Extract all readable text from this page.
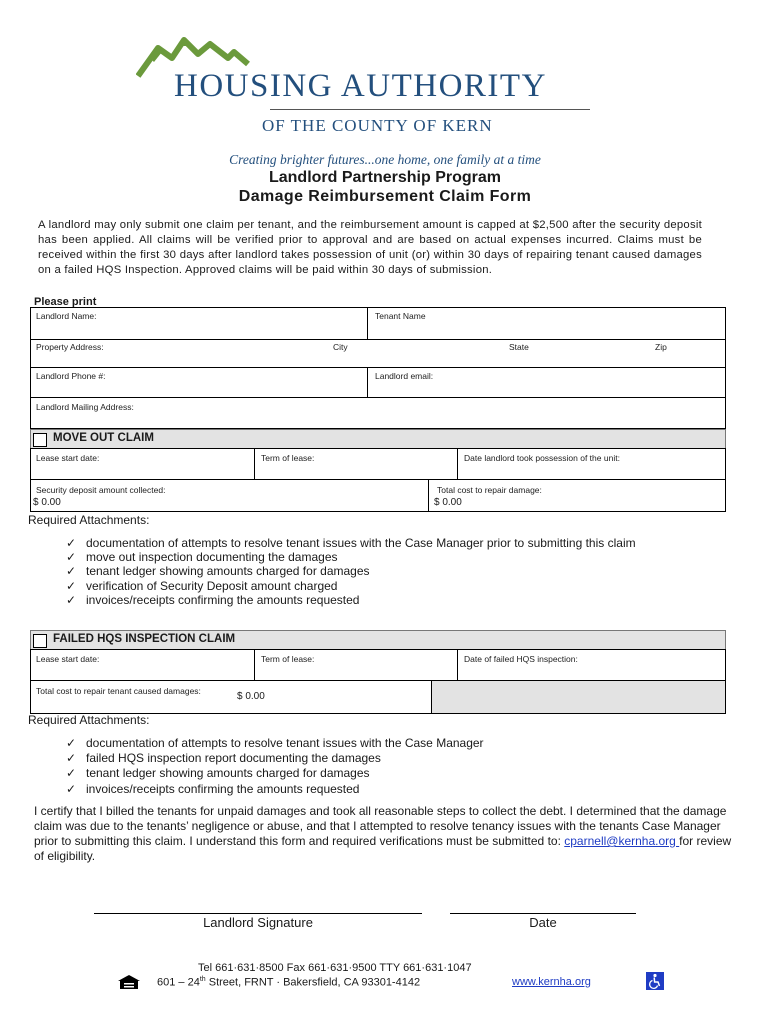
HOUSING AUTHORITY
OF THE COUNTY OF KERN
Creating brighter futures...one home, one family at a time
Landlord Partnership Program
Damage Reimbursement Claim Form
A landlord may only submit one claim per tenant, and the reimbursement amount is capped at $2,500 after the security deposit has been applied. All claims will be verified prior to approval and are based on actual expenses incurred. Claims must be received within the first 30 days after landlord takes possession of unit (or) within 30 days of repairing tenant caused damages on a failed HQS Inspection. Approved claims will be paid within 30 days of submission.
Please print
Landlord Name:	Tenant Name
Property Address:	City	State	Zip
Landlord Phone #:	Landlord email:
Landlord Mailing Address:
MOVE OUT CLAIM
Lease start date:	Term of lease:	Date landlord took possession of the unit:
Security deposit amount collected:
$ 0.00
Total cost to repair damage:
$ 0.00
Required Attachments:
✓ documentation of attempts to resolve tenant issues with the Case Manager prior to submitting this claim
✓ move out inspection documenting the damages
✓ tenant ledger showing amounts charged for damages
✓ verification of Security Deposit amount charged
✓ invoices/receipts confirming the amounts requested
FAILED HQS INSPECTION CLAIM
Lease start date:	Term of lease:	Date of failed HQS inspection:
Total cost to repair tenant caused damages:	$ 0.00
Required Attachments:
✓ documentation of attempts to resolve tenant issues with the Case Manager
✓ failed HQS inspection report documenting the damages
✓ tenant ledger showing amounts charged for damages
✓ invoices/receipts confirming the amounts requested
I certify that I billed the tenants for unpaid damages and took all reasonable steps to collect the debt. I determined that the damage claim was due to the tenants’ negligence or abuse, and that I attempted to resolve tenancy issues with the tenants Case Manager prior to submitting this claim. I understand this form and required verifications must be submitted to: cparnell@kernha.org for review of eligibility.
Landlord Signature	Date
Tel 661·631·8500 Fax 661·631·9500 TTY 661·631·1047
601 – 24th Street, FRNT · Bakersfield, CA 93301-4142	www.kernha.org
